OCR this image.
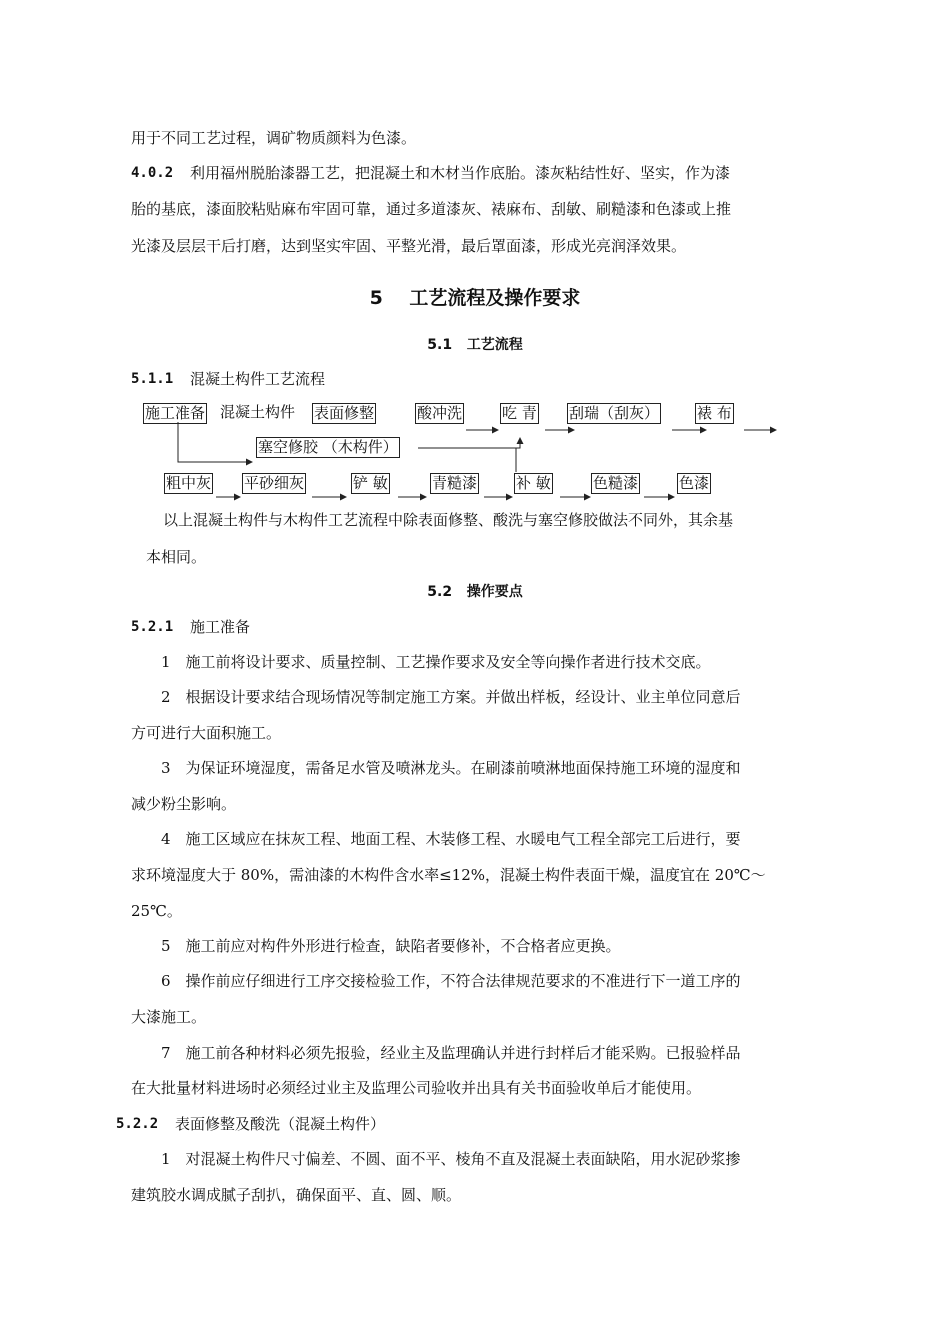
用于不同工艺过程，调矿物质颜料为色漆。
4.0.2 利用福州脱胎漆器工艺，把混凝土和木材当作底胎。漆灰粘结性好、坚实，作为漆
胎的基底，漆面胶粘贴麻布牢固可靠，通过多道漆灰、裱麻布、刮敏、刷糙漆和色漆或上推
光漆及层层干后打磨，达到坚实牢固、平整光滑，最后罩面漆，形成光亮润泽效果。
5 工艺流程及操作要求
5.1 工艺流程
5.1.1 混凝土构件工艺流程
施工准备 混凝土构件 表面修整	酸冲洗	吃 青 刮瑞（刮灰）	裱 布
塞空修胶 （木构件）
粗中灰 平砂细灰	铲 敏	青糙漆	补 敏	色糙漆	色漆
以上混凝土构件与木构件工艺流程中除表面修整、酸洗与塞空修胶做法不同外，其余基
本相同。
5.2 操作要点
5.2.1 施工准备
1　施工前将设计要求、质量控制、工艺操作要求及安全等向操作者进行技术交底。
2　根据设计要求结合现场情况等制定施工方案。并做出样板，经设计、业主单位同意后
方可进行大面积施工。
3　为保证环境湿度，需备足水管及喷淋龙头。在刷漆前喷淋地面保持施工环境的湿度和
减少粉尘影响。
4　施工区域应在抹灰工程、地面工程、木装修工程、水暖电气工程全部完工后进行，要
求环境湿度大于 80%，需油漆的木构件含水率≤12%，混凝土构件表面干燥，温度宜在 20℃～
25℃。
5　施工前应对构件外形进行检查，缺陷者要修补，不合格者应更换。
6　操作前应仔细进行工序交接检验工作，不符合法律规范要求的不准进行下一道工序的
大漆施工。
7　施工前各种材料必须先报验，经业主及监理确认并进行封样后才能采购。已报验样品
在大批量材料进场时必须经过业主及监理公司验收并出具有关书面验收单后才能使用。
5.2.2 表面修整及酸洗（混凝土构件）
1　对混凝土构件尺寸偏差、不圆、面不平、棱角不直及混凝土表面缺陷，用水泥砂浆掺
建筑胶水调成腻子刮扒，确保面平、直、圆、顺。
